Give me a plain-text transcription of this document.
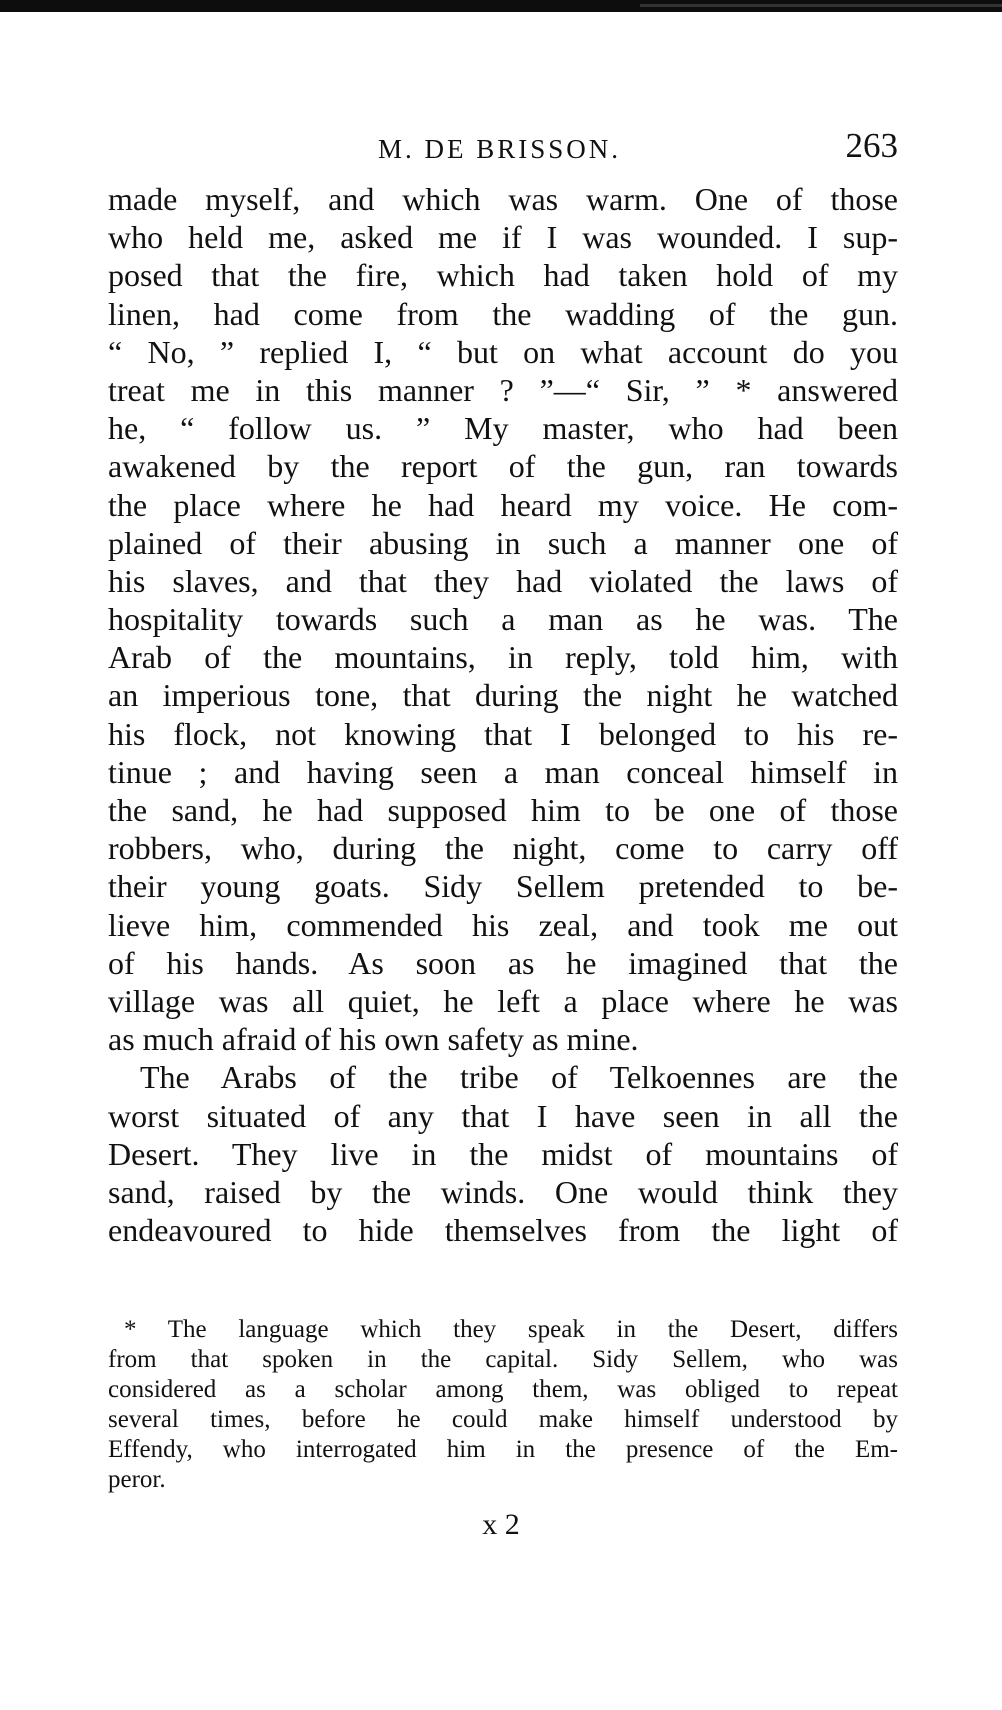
M. DE BRISSON.	263
made myself, and which was warm. One of those
who held me, asked me if I was wounded. I sup-
posed that the fire, which had taken hold of my
linen, had come from the wadding of the gun.
“ No, ” replied I, “ but on what account do you
treat me in this manner ? ”—“ Sir, ” * answered
he, “ follow us. ” My master, who had been
awakened by the report of the gun, ran towards
the place where he had heard my voice. He com-
plained of their abusing in such a manner one of
his slaves, and that they had violated the laws of
hospitality towards such a man as he was. The
Arab of the mountains, in reply, told him, with
an imperious tone, that during the night he watched
his flock, not knowing that I belonged to his re-
tinue ; and having seen a man conceal himself in
the sand, he had supposed him to be one of those
robbers, who, during the night, come to carry off
their young goats. Sidy Sellem pretended to be-
lieve him, commended his zeal, and took me out
of his hands. As soon as he imagined that the
village was all quiet, he left a place where he was
as much afraid of his own safety as mine.
The Arabs of the tribe of Telkoennes are the
worst situated of any that I have seen in all the
Desert. They live in the midst of mountains of
sand, raised by the winds. One would think they
endeavoured to hide themselves from the light of
* The language which they speak in the Desert, differs
from that spoken in the capital. Sidy Sellem, who was
considered as a scholar among them, was obliged to repeat
several times, before he could make himself understood by
Effendy, who interrogated him in the presence of the Em-
peror.
x 2
